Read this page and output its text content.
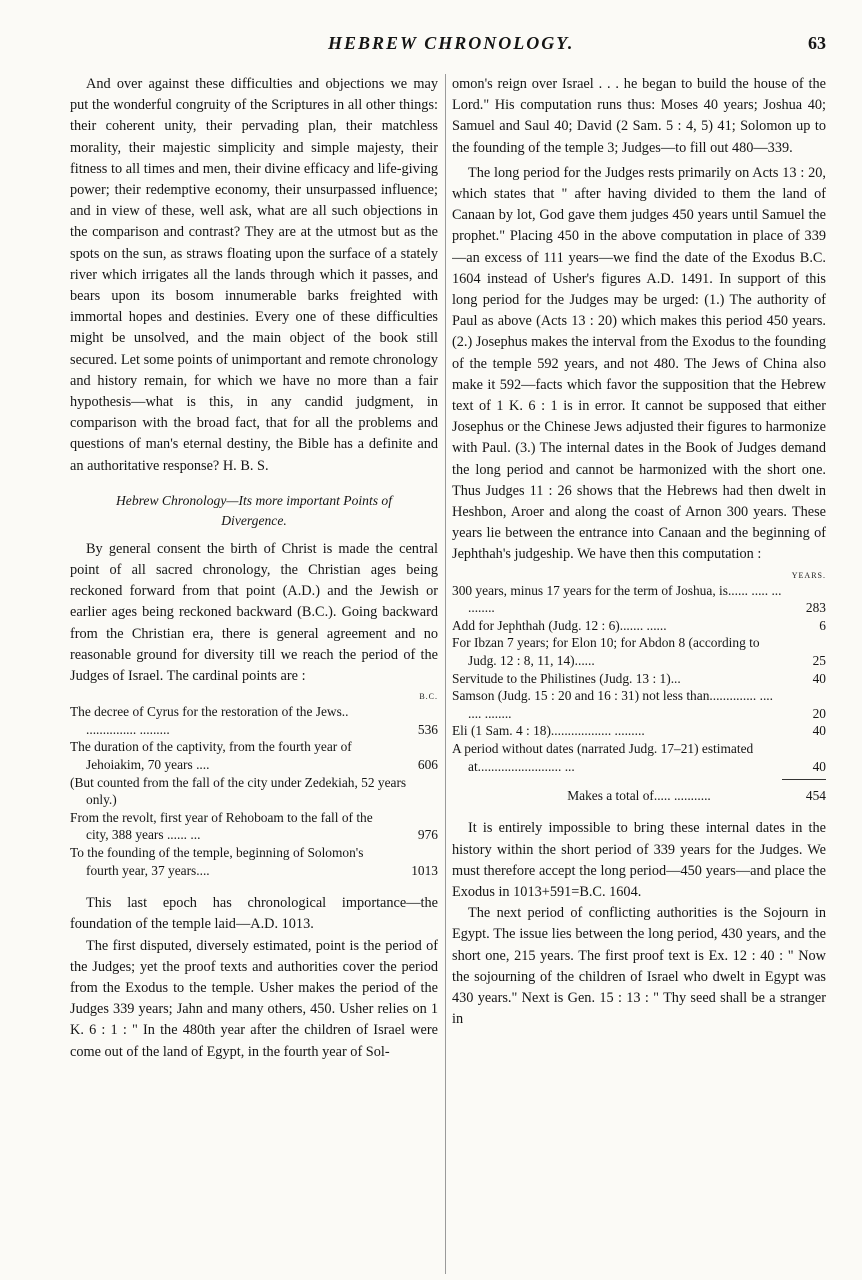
HEBREW CHRONOLOGY.	63

And over against these difficulties and objections we may put the wonderful congruity of the Scriptures in all other things: their coherent unity, their pervading plan, their matchless morality, their majestic simplicity and simple majesty, their fitness to all times and men, their divine efficacy and life-giving power; their redemptive economy, their unsurpassed influence; and in view of these, well ask, what are all such objections in the comparison and contrast? They are at the utmost but as the spots on the sun, as straws floating upon the surface of a stately river which irrigates all the lands through which it passes, and bears upon its bosom innumerable barks freighted with immortal hopes and destinies. Every one of these difficulties might be unsolved, and the main object of the book still secured. Let some points of unimportant and remote chronology and history remain, for which we have no more than a fair hypothesis—what is this, in any candid judgment, in comparison with the broad fact, that for all the problems and questions of man's eternal destiny, the Bible has a definite and an authoritative response? H. B. S.

Hebrew Chronology—Its more important Points of
Divergence.

By general consent the birth of Christ is made the central point of all sacred chronology, the Christian ages being reckoned forward from that point (A.D.) and the Jewish or earlier ages being reckoned backward (B.C.). Going backward from the Christian era, there is general agreement and no reasonable ground for diversity till we reach the period of the Judges of Israel. The cardinal points are :

B.C.
The decree of Cyrus for the restoration of the Jews.. ............... .........	536
The duration of the captivity, from the fourth year of Jehoiakim, 70 years ....	606
(But counted from the fall of the city under Zedekiah, 52 years only.)
From the revolt, first year of Rehoboam to the fall of the city, 388 years ...... ...	976
To the founding of the temple, beginning of Solomon's fourth year, 37 years....	1013

This last epoch has chronological importance—the foundation of the temple laid—A.D. 1013.

The first disputed, diversely estimated, point is the period of the Judges; yet the proof texts and authorities cover the period from the Exodus to the temple. Usher makes the period of the Judges 339 years; Jahn and many others, 450. Usher relies on 1 K. 6 : 1 : " In the 480th year after the children of Israel were come out of the land of Egypt, in the fourth year of Sol-

omon's reign over Israel . . . he began to build the house of the Lord." His computation runs thus: Moses 40 years; Joshua 40; Samuel and Saul 40; David (2 Sam. 5 : 4, 5) 41; Solomon up to the founding of the temple 3; Judges—to fill out 480—339.

The long period for the Judges rests primarily on Acts 13 : 20, which states that " after having divided to them the land of Canaan by lot, God gave them judges 450 years until Samuel the prophet." Placing 450 in the above computation in place of 339—an excess of 111 years—we find the date of the Exodus B.C. 1604 instead of Usher's figures A.D. 1491. In support of this long period for the Judges may be urged: (1.) The authority of Paul as above (Acts 13 : 20) which makes this period 450 years. (2.) Josephus makes the interval from the Exodus to the founding of the temple 592 years, and not 480. The Jews of China also make it 592—facts which favor the supposition that the Hebrew text of 1 K. 6 : 1 is in error. It cannot be supposed that either Josephus or the Chinese Jews adjusted their figures to harmonize with Paul. (3.) The internal dates in the Book of Judges demand the long period and cannot be harmonized with the short one. Thus Judges 11 : 26 shows that the Hebrews had then dwelt in Heshbon, Aroer and along the coast of Arnon 300 years. These years lie between the entrance into Canaan and the beginning of Jephthah's judgeship. We have then this computation :

YEARS.
300 years, minus 17 years for the term of Joshua, is...... ..... ... ........	283
Add for Jephthah (Judg. 12 : 6)....... ......	6
For Ibzan 7 years; for Elon 10; for Abdon 8 (according to Judg. 12 : 8, 11, 14)......	25
Servitude to the Philistines (Judg. 13 : 1)...	40
Samson (Judg. 15 : 20 and 16 : 31) not less than.............. .... .... ........	20
Eli (1 Sam. 4 : 18).................. .........	40
A period without dates (narrated Judg. 17–21) estimated at......................... ...	40
Makes a total of..... ...........	454

It is entirely impossible to bring these internal dates in the history within the short period of 339 years for the Judges. We must therefore accept the long period—450 years—and place the Exodus in 1013+591=B.C. 1604.

The next period of conflicting authorities is the Sojourn in Egypt. The issue lies between the long period, 430 years, and the short one, 215 years. The first proof text is Ex. 12 : 40 : " Now the sojourning of the children of Israel who dwelt in Egypt was 430 years." Next is Gen. 15 : 13 : " Thy seed shall be a stranger in
